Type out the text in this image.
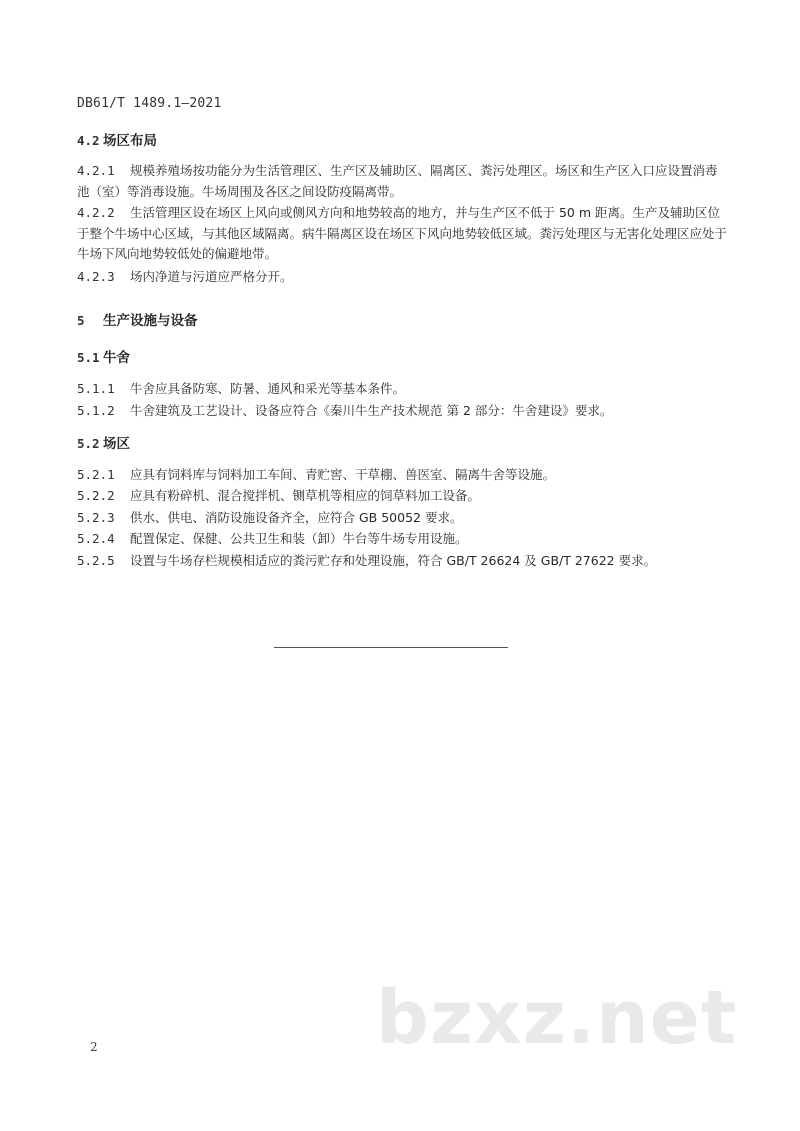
DB61/T 1489.1—2021
4.2 场区布局
4.2.1 规模养殖场按功能分为生活管理区、生产区及辅助区、隔离区、粪污处理区。场区和生产区入口应设置消毒池（室）等消毒设施。牛场周围及各区之间设防疫隔离带。
4.2.2 生活管理区设在场区上风向或侧风方向和地势较高的地方，并与生产区不低于 50 m 距离。生产及辅助区位于整个牛场中心区域，与其他区域隔离。病牛隔离区设在场区下风向地势较低区域。粪污处理区与无害化处理区应处于牛场下风向地势较低处的偏避地带。
4.2.3 场内净道与污道应严格分开。
5 生产设施与设备
5.1 牛舍
5.1.1 牛舍应具备防寒、防暑、通风和采光等基本条件。
5.1.2 牛舍建筑及工艺设计、设备应符合《秦川牛生产技术规范 第 2 部分：牛舍建设》要求。
5.2 场区
5.2.1 应具有饲料库与饲料加工车间、青贮窖、干草棚、兽医室、隔离牛舍等设施。
5.2.2 应具有粉碎机、混合搅拌机、铡草机等相应的饲草料加工设备。
5.2.3 供水、供电、消防设施设备齐全，应符合 GB 50052 要求。
5.2.4 配置保定、保健、公共卫生和装（卸）牛台等牛场专用设施。
5.2.5 设置与牛场存栏规模相适应的粪污贮存和处理设施，符合 GB/T 26624 及 GB/T 27622 要求。
bzxz.net
2
